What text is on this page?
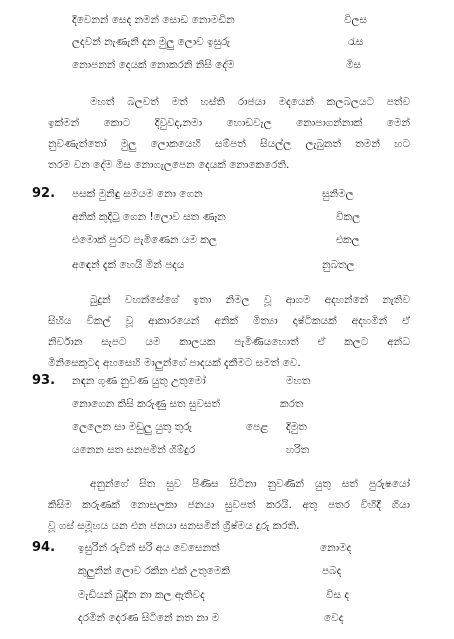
දිවෙනන් සෙද නමන් සොඩ නොමඩින	විලස
ලදවන් නැණැනි දන මුලු ලොව ඉසුරු	රැස
නොපනන් දෙයක් නොකරනි නිසි දේම	මිස
මහත් බලවත් මත් හස්ති රාජයා මදයෙන් කලබලයට පත්ව
ඉක්මන් කොට දිවුවද,නමා හොඩවැල නොපාගන්නාක් මෙන්
නුවණැත්තෝ මුලු ලොකයෙහි සම්පත් සියල්ල ලැබුනත් තමන් හට
තරම වන දේම මිස නොගැලපෙන දෙයක් නොකෙරෙති.
92. පසක් මුනිඳු සමයම නො ගෙන	සුනිමල
අනික් කුදිටු ගෙන !ලොව සත ණෑන	විකල
එමොක් පුරට පැමිණෙන යම කල	එකල
අඳෙන් දැක් හෙයි මින් පදය	නුබතල
බුදුන් වහන්සේගේ ඉතා නිමල වූ ආගම අදහන්නේ නැතිව
සිහිය විකල් වූ ආකාරයෙන් අනික් මිත්‍යා දෘෂ්ටිකයක් අදහමින් ඒ
නිර්වාන සැපට යම කාලයක පැමිණියහොත් ඒ කලට අන්ධ
මිනිසෙකුටද අහසෙහි මාලුන්ගේ පාදයක් දැකීමට සමත් වෙ.
93. නඳන ගුණ නුවණ යුතු උතුමෝ	මහත
නොගෙන කිසි කරුණු සත සුවසත්	කරත
ලෙලෙන සා මඩුලු යුතු තුරු	පෙළ දිමුත
යනෙන සත සනපමින් ගිම්දුර	හරිත
අනුන්ගේ සිත සුව පිණිස සිටිනා නුවණින් යුතු සත් පුරුෂයෝ
කිසිම කරුණක් නොසලකා ජනයා සුවපත් කරයි. අතු පතර විහිදී ගියා
වූ ගස් සමූහය යන එන ජනයා සනසමින් ග්‍රීෂ්මය දුරු කරති.
94. ඉසුරින් රුවින් සරි අය වෙසෙනත්	නොමද
කුලුනින් ලොව රකින එක් උතුමෙකි	පබද
මැඩියන් බුදින නා කල ඇතිවද	විස ද
දරමින් දෙරණ සිටිනේ නත නා ම	වෙද
